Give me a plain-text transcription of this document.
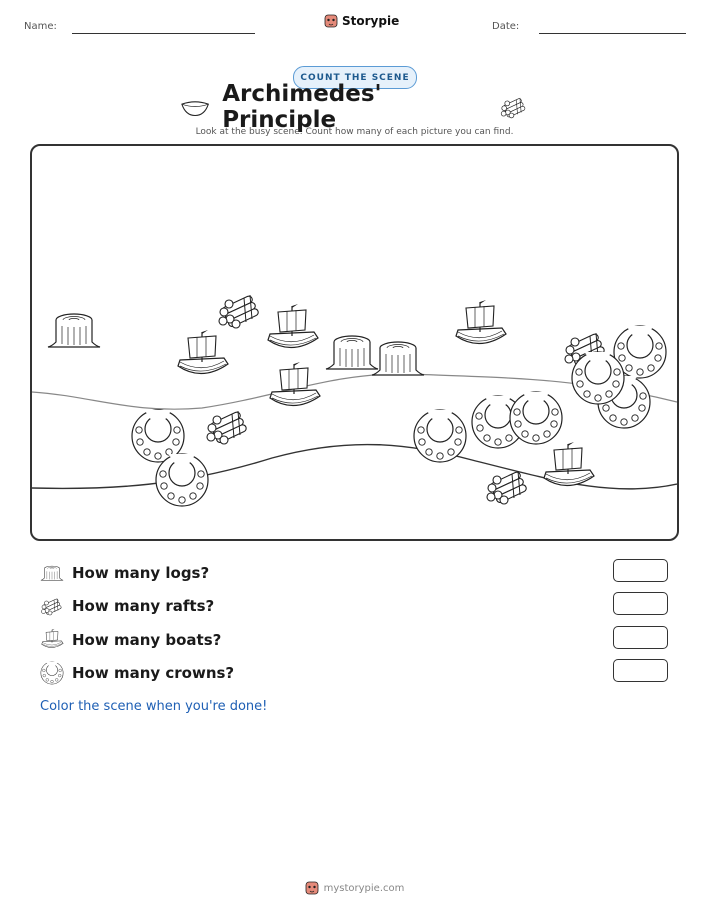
Name:	Storypie	Date:
COUNT THE SCENE
Archimedes' Principle
Look at the busy scene. Count how many of each picture you can find.
How many logs?
How many rafts?
How many boats?
How many crowns?
Color the scene when you're done!
mystorypie.com
